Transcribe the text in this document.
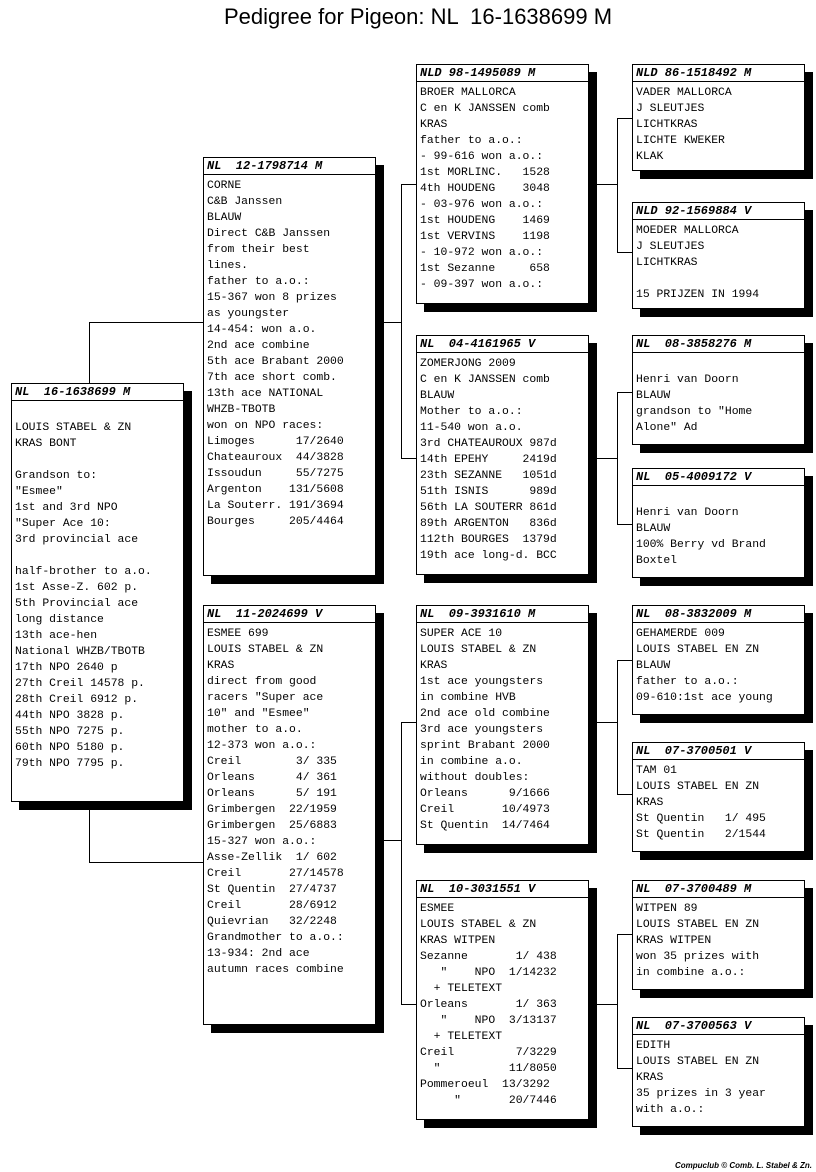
Pedigree for Pigeon: NL  16-1638699 M
NL  16-1638699 M
LOUIS STABEL & ZN
KRAS BONT
Grandson to:
"Esmee"
1st and 3rd NPO
"Super Ace 10:
3rd provincial ace
half-brother to a.o.
1st Asse-Z. 602 p.
5th Provincial ace
long distance
13th ace-hen
National WHZB/TBOTB
17th NPO 2640 p
27th Creil 14578 p.
28th Creil 6912 p.
44th NPO 3828 p.
55th NPO 7275 p.
60th NPO 5180 p.
79th NPO 7795 p.
NL  12-1798714 M
CORNE
C&B Janssen
BLAUW
Direct C&B Janssen
from their best
lines.
father to a.o.:
15-367 won 8 prizes
as youngster
14-454: won a.o.
2nd ace combine
5th ace Brabant 2000
7th ace short comb.
13th ace NATIONAL
WHZB-TBOTB
won on NPO races:
Limoges      17/2640
Chateauroux  44/3828
Issoudun     55/7275
Argenton    131/5608
La Souterr. 191/3694
Bourges     205/4464
NL  11-2024699 V
ESMEE 699
LOUIS STABEL & ZN
KRAS
direct from good
racers "Super ace
10" and "Esmee"
mother to a.o.
12-373 won a.o.:
Creil        3/ 335
Orleans      4/ 361
Orleans      5/ 191
Grimbergen  22/1959
Grimbergen  25/6883
15-327 won a.o.:
Asse-Zellik  1/ 602
Creil       27/14578
St Quentin  27/4737
Creil       28/6912
Quievrian   32/2248
Grandmother to a.o.:
13-934: 2nd ace
autumn races combine
NLD 98-1495089 M
BROER MALLORCA
C en K JANSSEN comb
KRAS
father to a.o.:
- 99-616 won a.o.:
1st MORLINC.   1528
4th HOUDENG    3048
- 03-976 won a.o.:
1st HOUDENG    1469
1st VERVINS    1198
- 10-972 won a.o.:
1st Sezanne     658
- 09-397 won a.o.:
NL  04-4161965 V
ZOMERJONG 2009
C en K JANSSEN comb
BLAUW
Mother to a.o.:
11-540 won a.o.
3rd CHATEAUROUX 987d
14th EPEHY     2419d
23th SEZANNE   1051d
51th ISNIS      989d
56th LA SOUTERR 861d
89th ARGENTON   836d
112th BOURGES  1379d
19th ace long-d. BCC
NL  09-3931610 M
SUPER ACE 10
LOUIS STABEL & ZN
KRAS
1st ace youngsters
in combine HVB
2nd ace old combine
3rd ace youngsters
sprint Brabant 2000
in combine a.o.
without doubles:
Orleans      9/1666
Creil       10/4973
St Quentin  14/7464
NL  10-3031551 V
ESMEE
LOUIS STABEL & ZN
KRAS WITPEN
Sezanne       1/ 438
"    NPO  1/14232
+ TELETEXT
Orleans       1/ 363
"    NPO  3/13137
+ TELETEXT
Creil         7/3229
"          11/8050
Pommeroeul  13/3292
"       20/7446
NLD 86-1518492 M
VADER MALLORCA
J SLEUTJES
LICHTKRAS
LICHTE KWEKER
KLAK
NLD 92-1569884 V
MOEDER MALLORCA
J SLEUTJES
LICHTKRAS
15 PRIJZEN IN 1994
NL  08-3858276 M
Henri van Doorn
BLAUW
grandson to "Home
Alone" Ad
NL  05-4009172 V
Henri van Doorn
BLAUW
100% Berry vd Brand
Boxtel
NL  08-3832009 M
GEHAMERDE 009
LOUIS STABEL EN ZN
BLAUW
father to a.o.:
09-610:1st ace young
NL  07-3700501 V
TAM 01
LOUIS STABEL EN ZN
KRAS
St Quentin   1/ 495
St Quentin   2/1544
NL  07-3700489 M
WITPEN 89
LOUIS STABEL EN ZN
KRAS WITPEN
won 35 prizes with
in combine a.o.:
NL  07-3700563 V
EDITH
LOUIS STABEL EN ZN
KRAS
35 prizes in 3 year
with a.o.:
Compuclub © Comb. L. Stabel & Zn.
